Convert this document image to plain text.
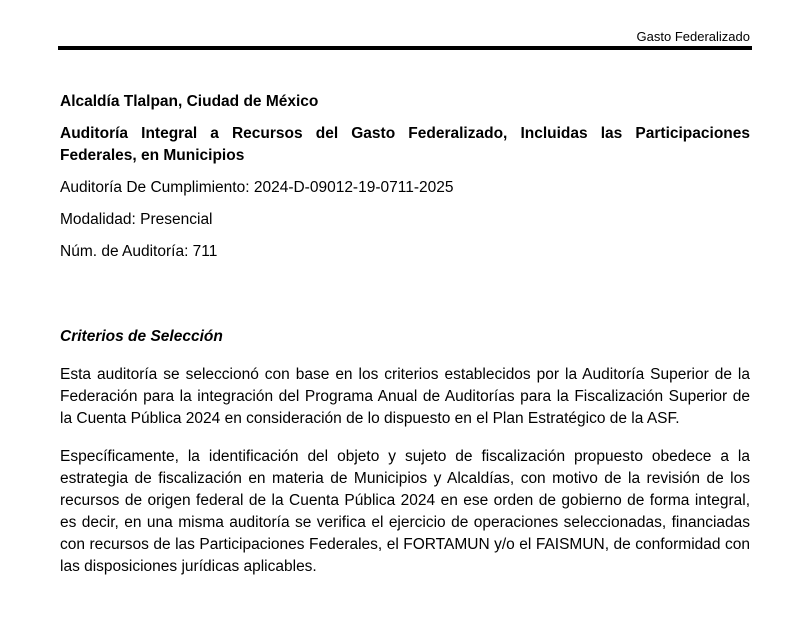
Gasto Federalizado

Alcaldía Tlalpan, Ciudad de México

Auditoría Integral a Recursos del Gasto Federalizado, Incluidas las Participaciones Federales, en Municipios

Auditoría De Cumplimiento: 2024-D-09012-19-0711-2025

Modalidad: Presencial

Núm. de Auditoría: 711

Criterios de Selección

Esta auditoría se seleccionó con base en los criterios establecidos por la Auditoría Superior de la Federación para la integración del Programa Anual de Auditorías para la Fiscalización Superior de la Cuenta Pública 2024 en consideración de lo dispuesto en el Plan Estratégico de la ASF.

Específicamente, la identificación del objeto y sujeto de fiscalización propuesto obedece a la estrategia de fiscalización en materia de Municipios y Alcaldías, con motivo de la revisión de los recursos de origen federal de la Cuenta Pública 2024 en ese orden de gobierno de forma integral, es decir, en una misma auditoría se verifica el ejercicio de operaciones seleccionadas, financiadas con recursos de las Participaciones Federales, el FORTAMUN y/o el FAISMUN, de conformidad con las disposiciones jurídicas aplicables.
